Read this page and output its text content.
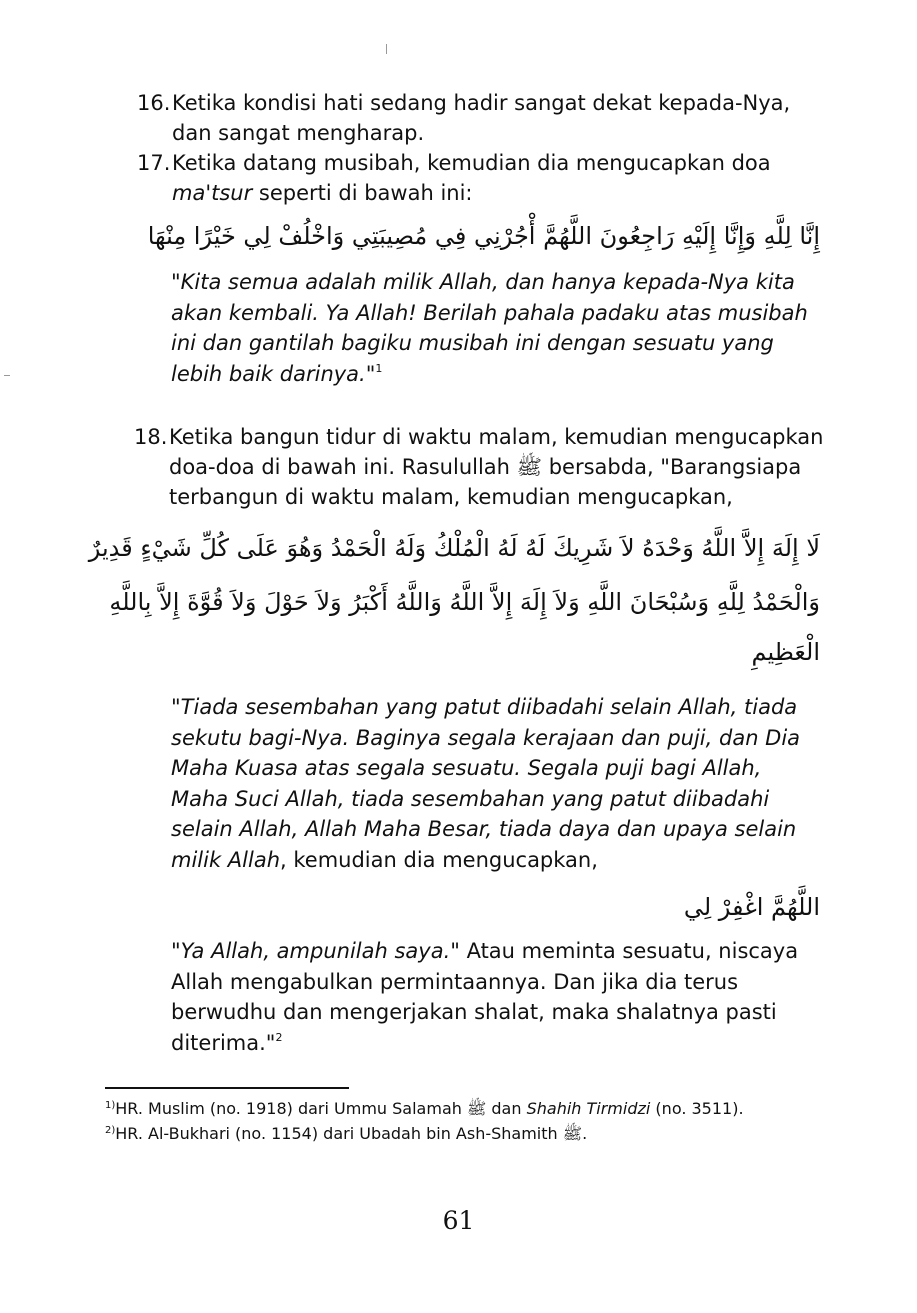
16. Ketika kondisi hati sedang hadir sangat dekat kepada-Nya, dan sangat mengharap.
17. Ketika datang musibah, kemudian dia mengucapkan doa ma'tsur seperti di bawah ini:
إِنَّا لِلَّهِ وَإِنَّا إِلَيْهِ رَاجِعُونَ اللَّهُمَّ أْجُرْنِي فِي مُصِيبَتِي وَاخْلُفْ لِي خَيْرًا مِنْهَا
"Kita semua adalah milik Allah, dan hanya kepada-Nya kita akan kembali. Ya Allah! Berilah pahala padaku atas musibah ini dan gantilah bagiku musibah ini dengan sesuatu yang lebih baik darinya."$^1$
18. Ketika bangun tidur di waktu malam, kemudian mengucapkan doa-doa di bawah ini. Rasulullah ﷺ bersabda, "Barangsiapa terbangun di waktu malam, kemudian mengucapkan,
لَا إِلَهَ إِلاَّ اللَّهُ وَحْدَهُ لاَ شَرِيكَ لَهُ لَهُ الْمُلْكُ وَلَهُ الْحَمْدُ وَهُوَ عَلَى كُلِّ شَيْءٍ قَدِيرٌ
وَالْحَمْدُ لِلَّهِ وَسُبْحَانَ اللَّهِ وَلاَ إِلَهَ إِلاَّ اللَّهُ وَاللَّهُ أَكْبَرُ وَلاَ حَوْلَ وَلاَ قُوَّةَ إِلاَّ بِاللَّهِ
الْعَظِيمِ
"Tiada sesembahan yang patut diibadahi selain Allah, tiada sekutu bagi-Nya. Baginya segala kerajaan dan puji, dan Dia Maha Kuasa atas segala sesuatu. Segala puji bagi Allah, Maha Suci Allah, tiada sesembahan yang patut diibadahi selain Allah, Allah Maha Besar, tiada daya dan upaya selain milik Allah, kemudian dia mengucapkan,
اللَّهُمَّ اغْفِرْ لِي
"Ya Allah, ampunilah saya." Atau meminta sesuatu, niscaya Allah mengabulkan permintaannya. Dan jika dia terus berwudhu dan mengerjakan shalat, maka shalatnya pasti diterima."$^2$
$^{1)}$HR. Muslim (no. 1918) dari Ummu Salamah ﷺ dan Shahih Tirmidzi (no. 3511).
$^{2)}$HR. Al-Bukhari (no. 1154) dari Ubadah bin Ash-Shamith ﷺ.
61
